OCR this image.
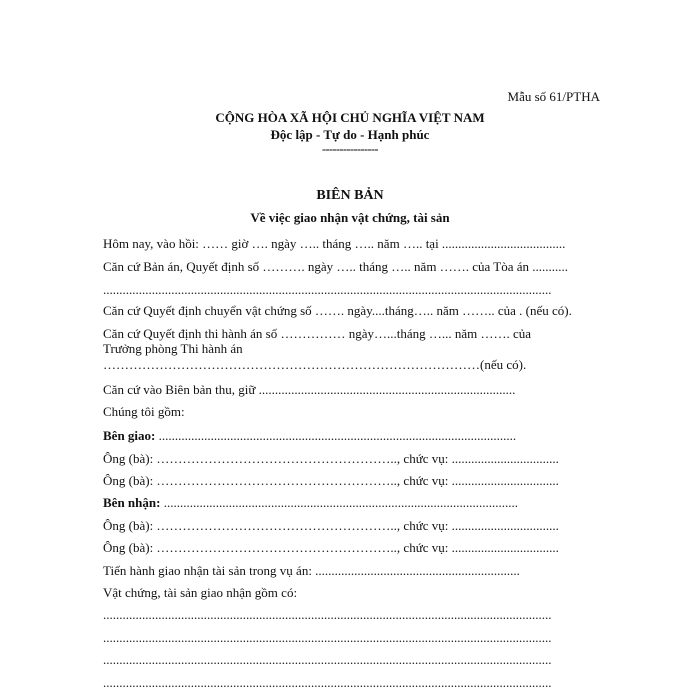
Mẫu số 61/PTHA
CỘNG HÒA XÃ HỘI CHỦ NGHĨA VIỆT NAM
Độc lập - Tự do - Hạnh phúc
----------------
BIÊN BẢN
Về việc giao nhận vật chứng, tài sản
Hôm nay, vào hồi: …… giờ …. ngày ….. tháng ….. năm ….. tại ......................................
Căn cứ Bản án, Quyết định số ………. ngày ….. tháng ….. năm ……. của Tòa án ...........
..........................................................................................................................................
Căn cứ Quyết định chuyển vật chứng số ……. ngày....tháng….. năm …….. của . (nếu có).
Căn cứ Quyết định thi hành án số …………… ngày…...tháng …... năm ……. của
Trưởng phòng Thi hành án
……………………………………………………………………………(nếu có).
Căn cứ vào Biên bản thu, giữ ...............................................................................
Chúng tôi gồm:
Bên giao: ..............................................................................................................
Ông (bà): ……………………………………………….., chức vụ: .................................
Ông (bà): ……………………………………………….., chức vụ: .................................
Bên nhận: .............................................................................................................
Ông (bà): ……………………………………………….., chức vụ: .................................
Ông (bà): ……………………………………………….., chức vụ: .................................
Tiến hành giao nhận tài sản trong vụ án: ...............................................................
Vật chứng, tài sản giao nhận gồm có:
..........................................................................................................................................
..........................................................................................................................................
..........................................................................................................................................
..........................................................................................................................................
